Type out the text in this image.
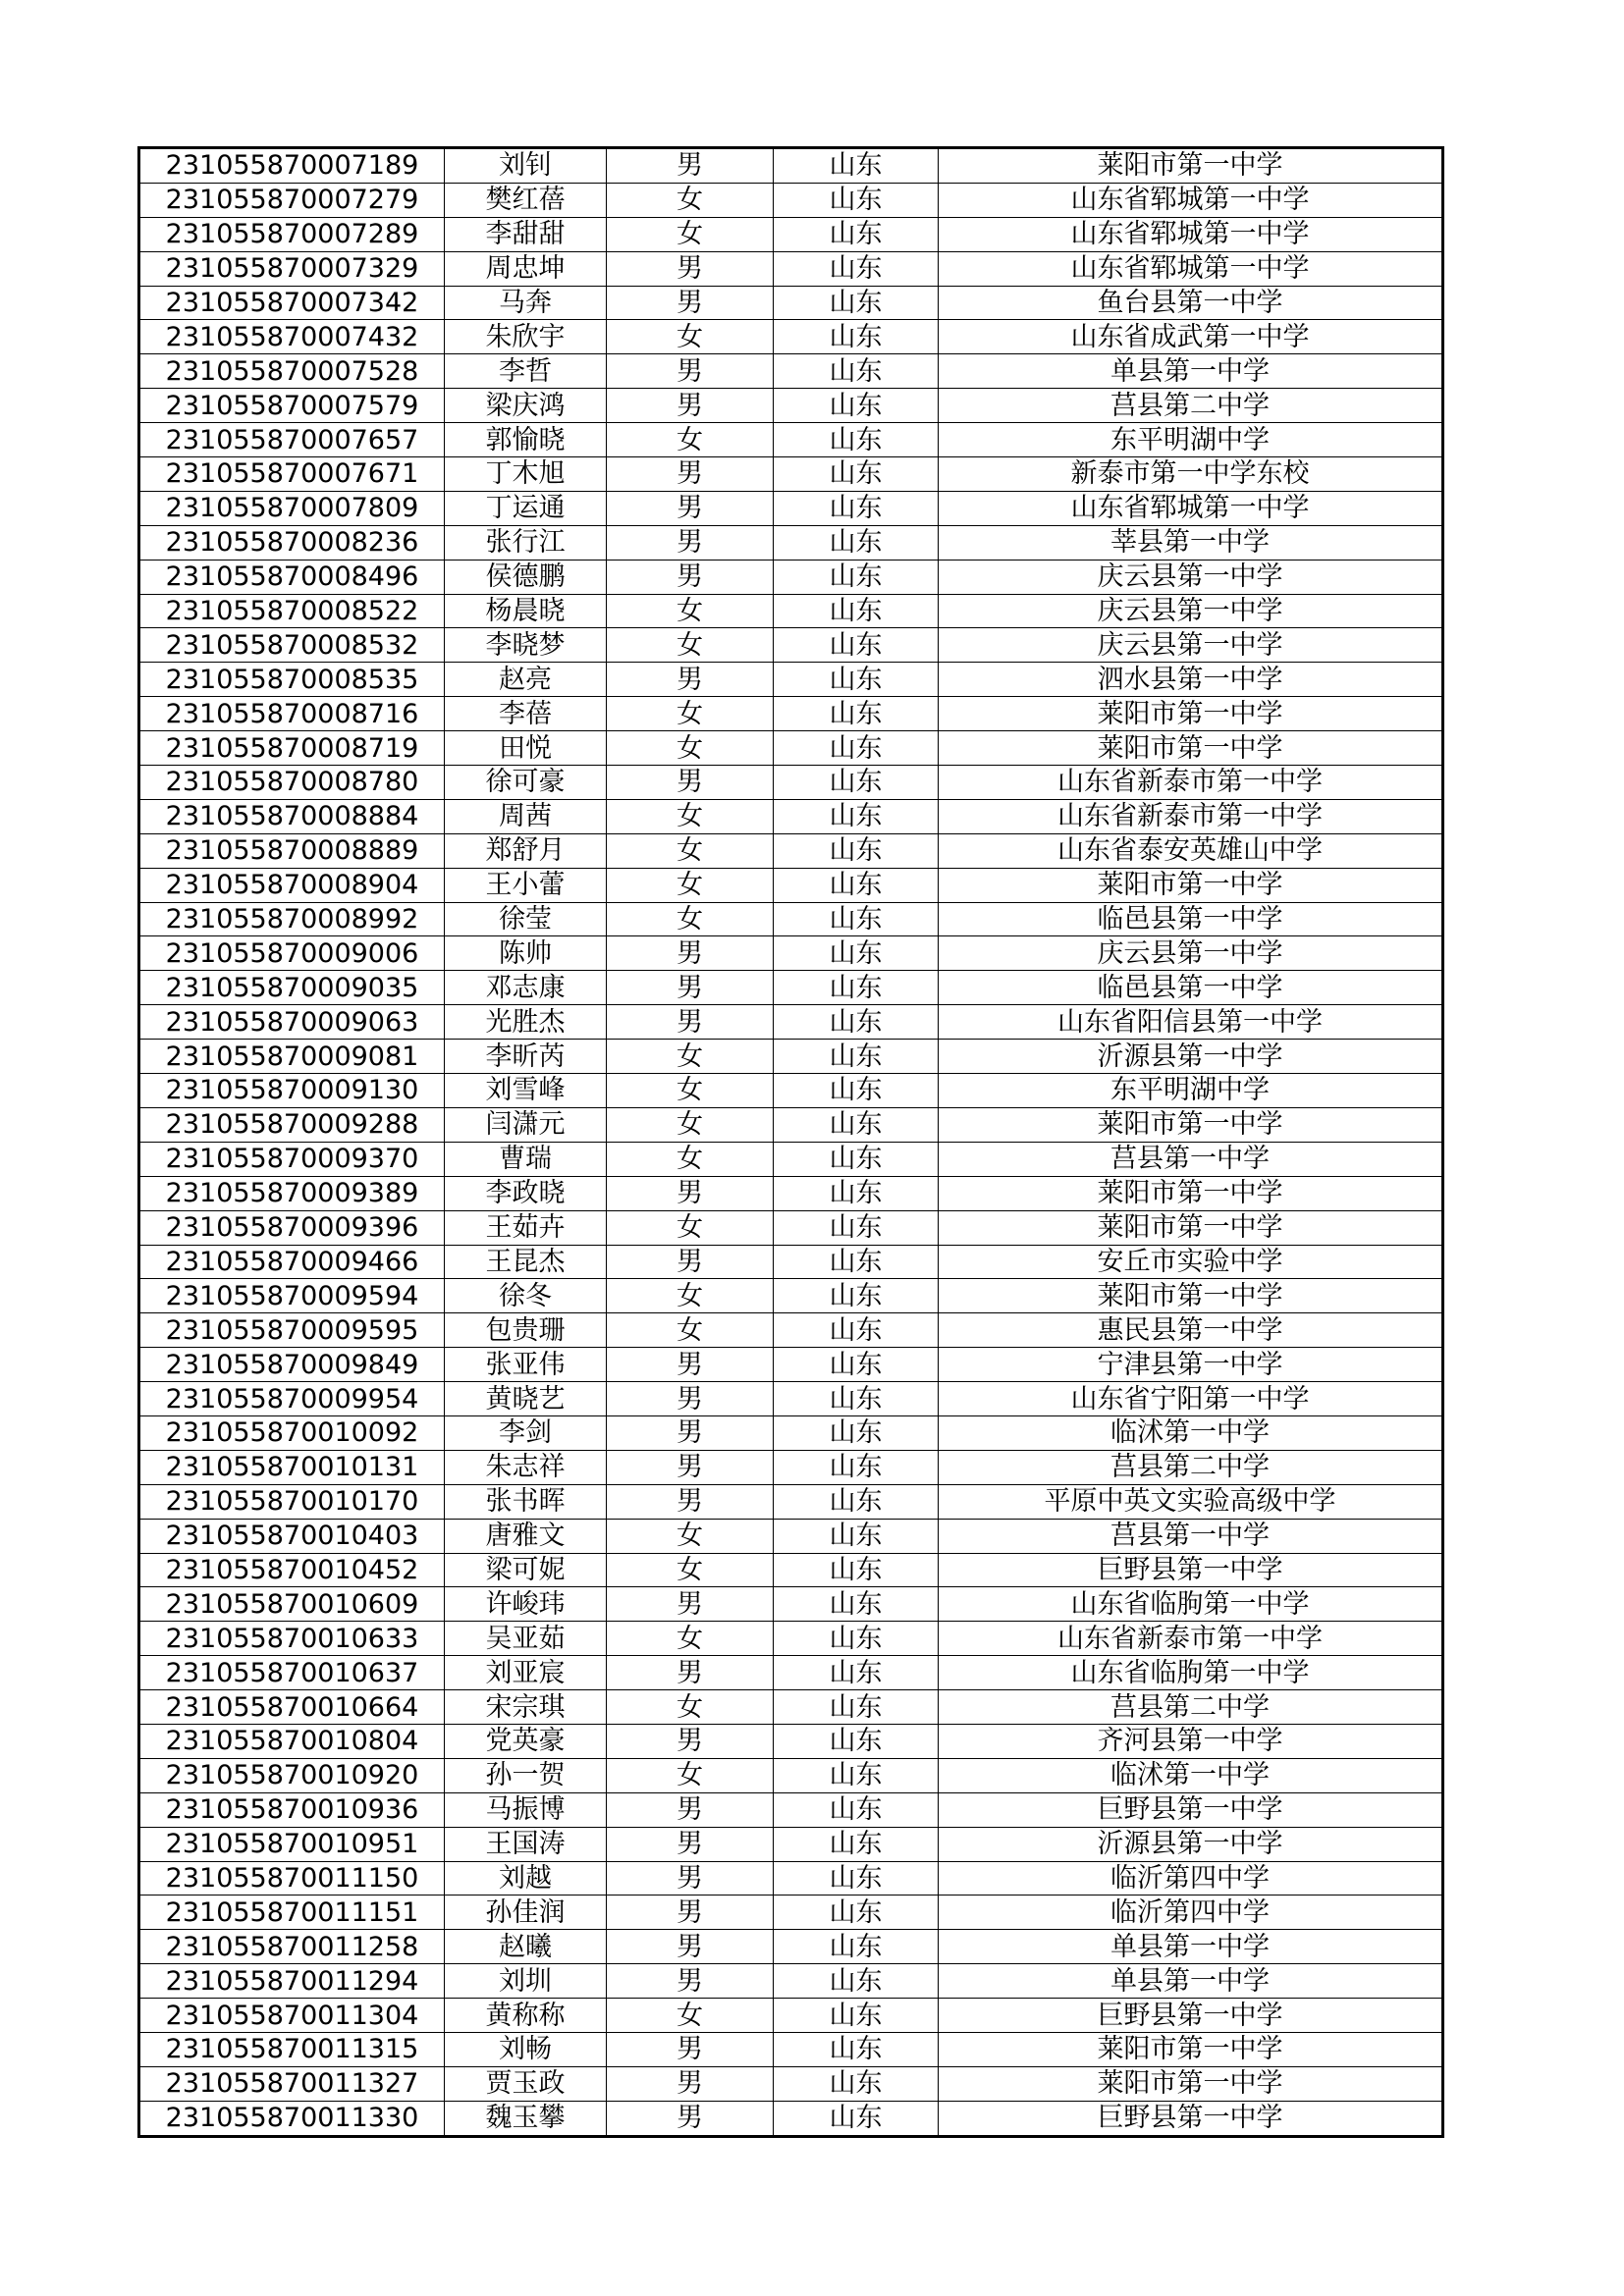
231055870007189	刘钊	男	山东	莱阳市第一中学
231055870007279	樊红蓓	女	山东	山东省郓城第一中学
231055870007289	李甜甜	女	山东	山东省郓城第一中学
231055870007329	周忠坤	男	山东	山东省郓城第一中学
231055870007342	马奔	男	山东	鱼台县第一中学
231055870007432	朱欣宇	女	山东	山东省成武第一中学
231055870007528	李哲	男	山东	单县第一中学
231055870007579	梁庆鸿	男	山东	莒县第二中学
231055870007657	郭愉晓	女	山东	东平明湖中学
231055870007671	丁木旭	男	山东	新泰市第一中学东校
231055870007809	丁运通	男	山东	山东省郓城第一中学
231055870008236	张行江	男	山东	莘县第一中学
231055870008496	侯德鹏	男	山东	庆云县第一中学
231055870008522	杨晨晓	女	山东	庆云县第一中学
231055870008532	李晓梦	女	山东	庆云县第一中学
231055870008535	赵亮	男	山东	泗水县第一中学
231055870008716	李蓓	女	山东	莱阳市第一中学
231055870008719	田悦	女	山东	莱阳市第一中学
231055870008780	徐可豪	男	山东	山东省新泰市第一中学
231055870008884	周茜	女	山东	山东省新泰市第一中学
231055870008889	郑舒月	女	山东	山东省泰安英雄山中学
231055870008904	王小蕾	女	山东	莱阳市第一中学
231055870008992	徐莹	女	山东	临邑县第一中学
231055870009006	陈帅	男	山东	庆云县第一中学
231055870009035	邓志康	男	山东	临邑县第一中学
231055870009063	光胜杰	男	山东	山东省阳信县第一中学
231055870009081	李昕芮	女	山东	沂源县第一中学
231055870009130	刘雪峰	女	山东	东平明湖中学
231055870009288	闫潇元	女	山东	莱阳市第一中学
231055870009370	曹瑞	女	山东	莒县第一中学
231055870009389	李政晓	男	山东	莱阳市第一中学
231055870009396	王茹卉	女	山东	莱阳市第一中学
231055870009466	王昆杰	男	山东	安丘市实验中学
231055870009594	徐冬	女	山东	莱阳市第一中学
231055870009595	包贵珊	女	山东	惠民县第一中学
231055870009849	张亚伟	男	山东	宁津县第一中学
231055870009954	黄晓艺	男	山东	山东省宁阳第一中学
231055870010092	李剑	男	山东	临沭第一中学
231055870010131	朱志祥	男	山东	莒县第二中学
231055870010170	张书晖	男	山东	平原中英文实验高级中学
231055870010403	唐雅文	女	山东	莒县第一中学
231055870010452	梁可妮	女	山东	巨野县第一中学
231055870010609	许峻玮	男	山东	山东省临朐第一中学
231055870010633	吴亚茹	女	山东	山东省新泰市第一中学
231055870010637	刘亚宸	男	山东	山东省临朐第一中学
231055870010664	宋宗琪	女	山东	莒县第二中学
231055870010804	党英豪	男	山东	齐河县第一中学
231055870010920	孙一贺	女	山东	临沭第一中学
231055870010936	马振博	男	山东	巨野县第一中学
231055870010951	王国涛	男	山东	沂源县第一中学
231055870011150	刘越	男	山东	临沂第四中学
231055870011151	孙佳润	男	山东	临沂第四中学
231055870011258	赵曦	男	山东	单县第一中学
231055870011294	刘圳	男	山东	单县第一中学
231055870011304	黄称称	女	山东	巨野县第一中学
231055870011315	刘畅	男	山东	莱阳市第一中学
231055870011327	贾玉政	男	山东	莱阳市第一中学
231055870011330	魏玉攀	男	山东	巨野县第一中学
